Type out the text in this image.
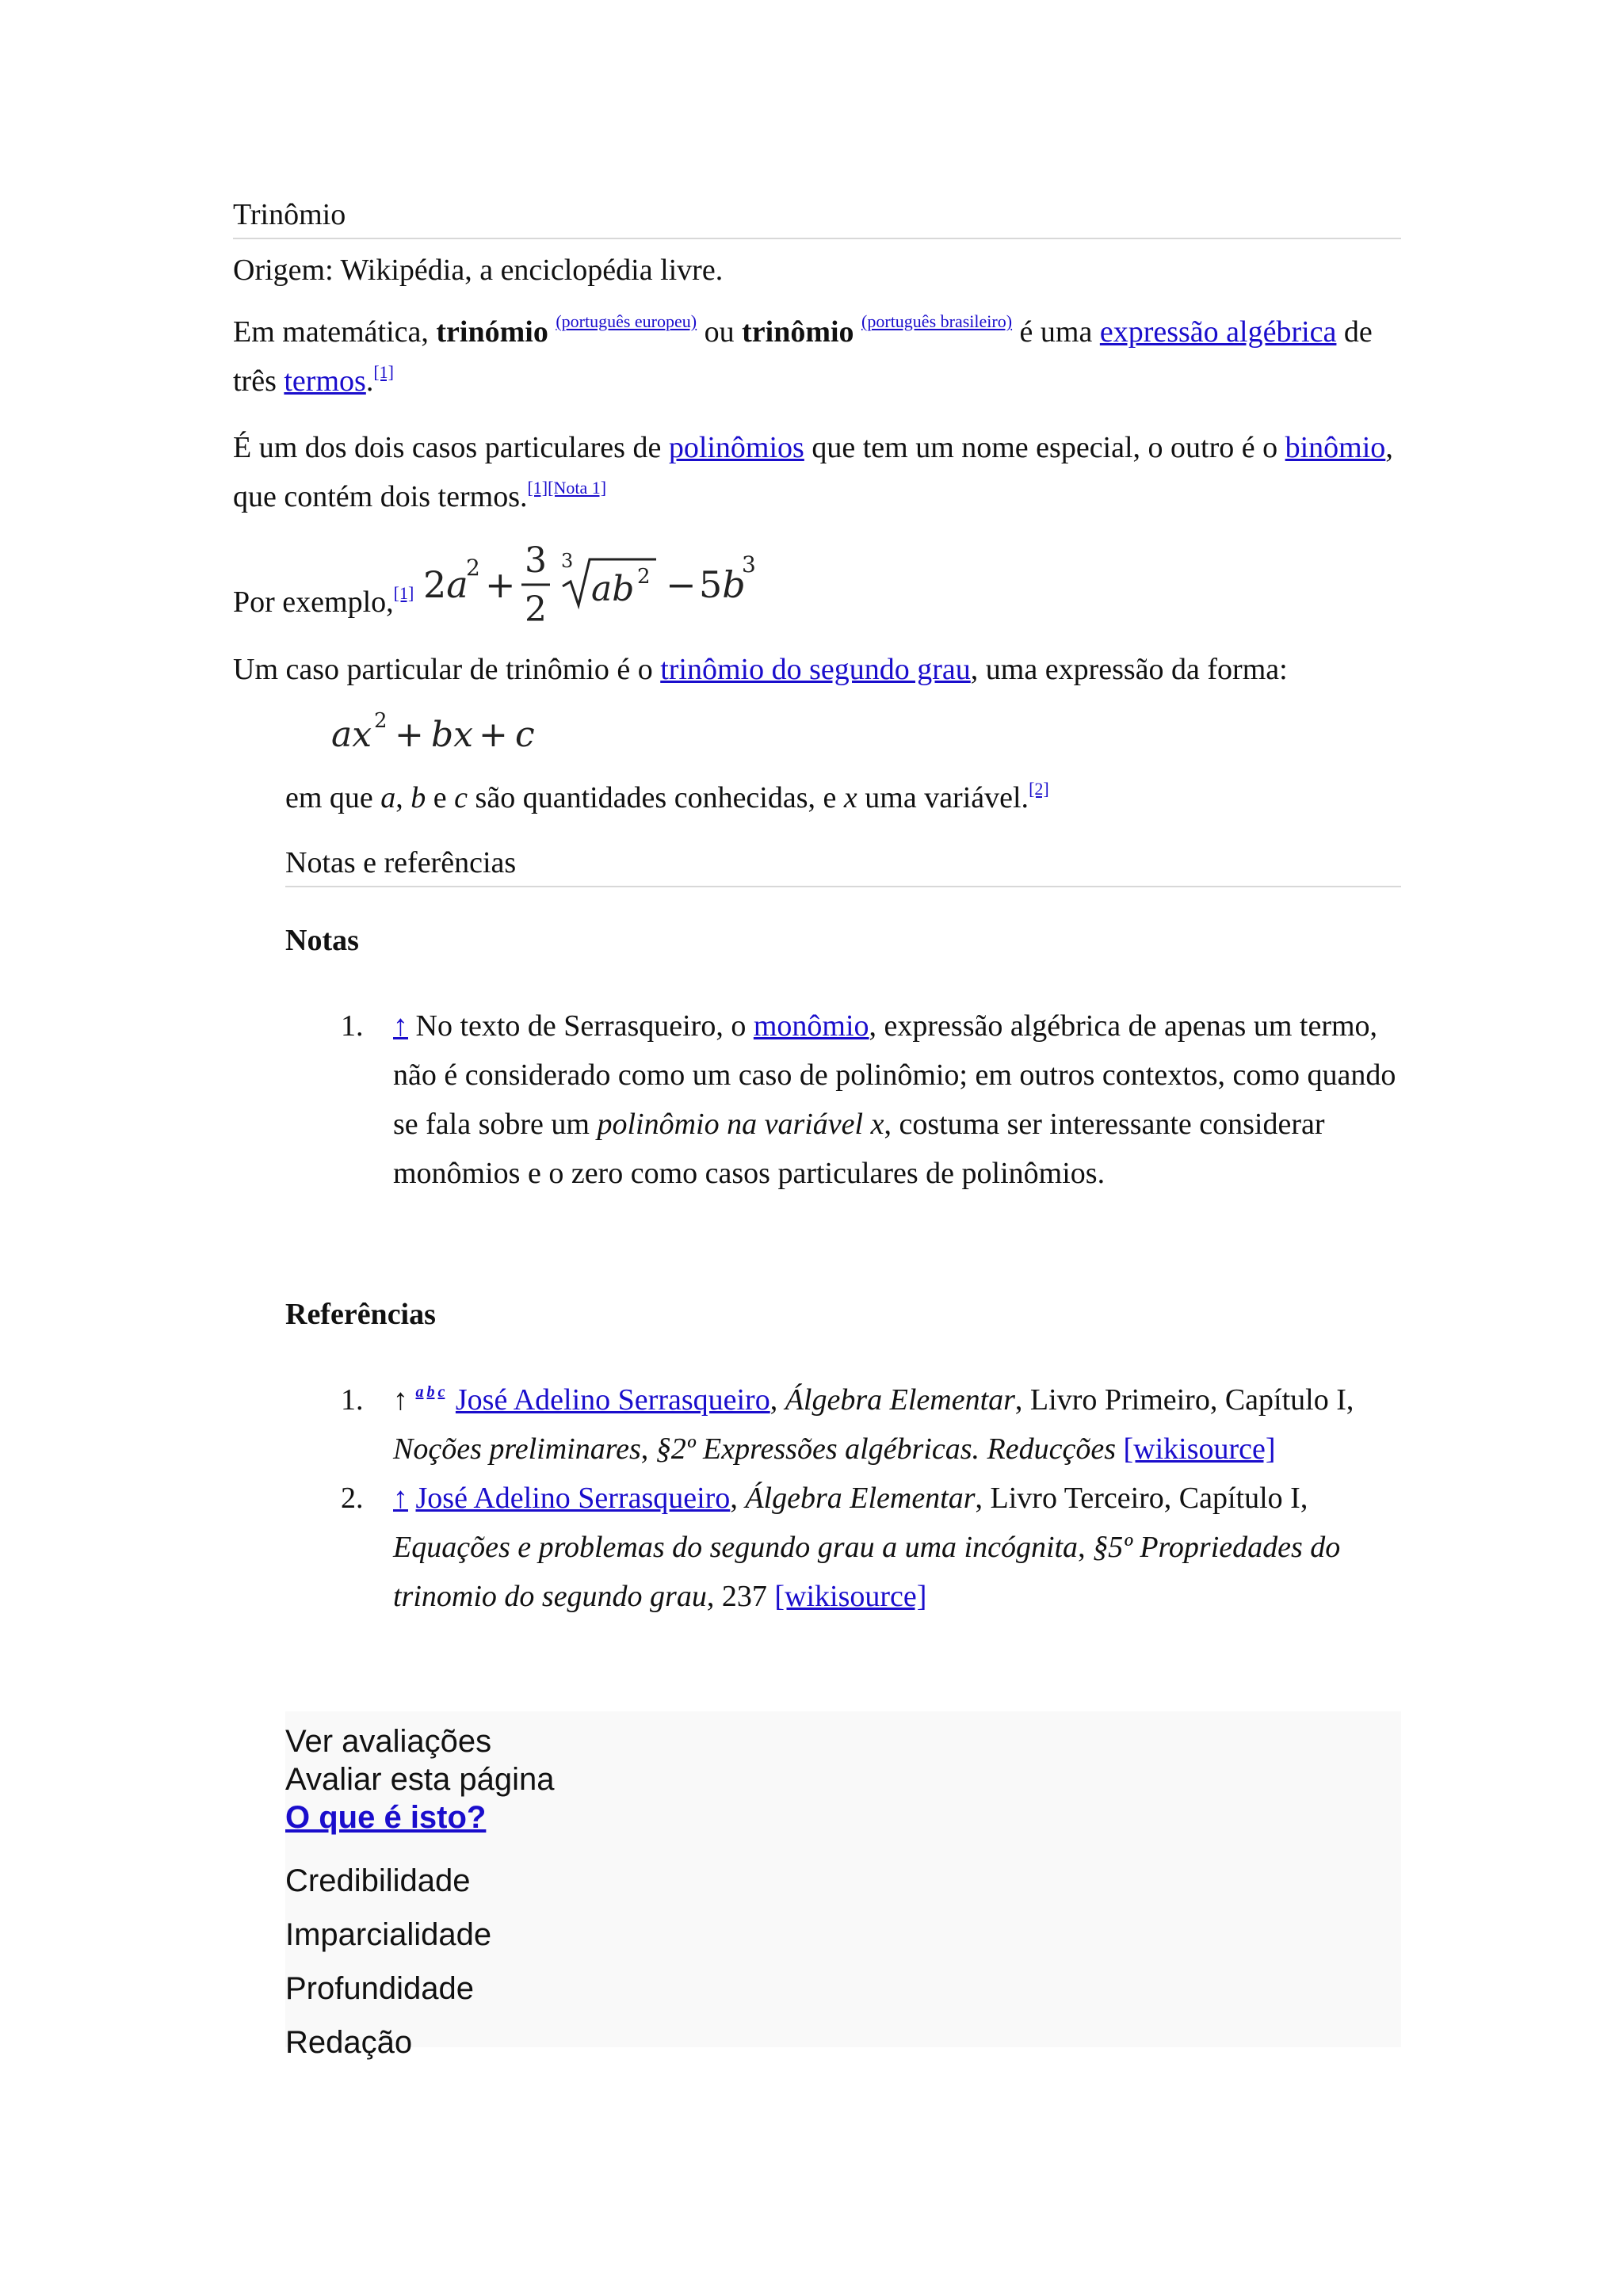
Trinômio
Origem: Wikipédia, a enciclopédia livre.
Em matemática, trinómio $^{(português europeu)}$ ou trinômio $^{(português brasileiro)}$ é uma expressão algébrica de três termos.[1]
É um dos dois casos particulares de polinômios que tem um nome especial, o outro é o binômio, que contém dois termos.[1][Nota 1]
Por exemplo,[1] 2a
2 +
3
2
3
ab 2 − 5b
3
Um caso particular de trinômio é o trinômio do segundo grau, uma expressão da forma:
ax 2 + bx + c
em que a, b e c são quantidades conhecidas, e x uma variável.[2]
Notas e referências
Notas
1. ↑ No texto de Serrasqueiro, o monômio, expressão algébrica de apenas um termo, não é considerado como um caso de polinômio; em outros contextos, como quando se fala sobre um polinômio na variável x, costuma ser interessante considerar monômios e o zero como casos particulares de polinômios.
Referências
1. ↑ $^{a b c}$ José Adelino Serrasqueiro, Álgebra Elementar, Livro Primeiro, Capítulo I, Noções preliminares, §2º Expressões algébricas. Reducções [wikisource]
2. ↑ José Adelino Serrasqueiro, Álgebra Elementar, Livro Terceiro, Capítulo I, Equações e problemas do segundo grau a uma incógnita, §5º Propriedades do trinomio do segundo grau, 237 [wikisource]
Ver avaliações
Avaliar esta página
O que é isto?
Credibilidade
Imparcialidade
Profundidade
Redação
